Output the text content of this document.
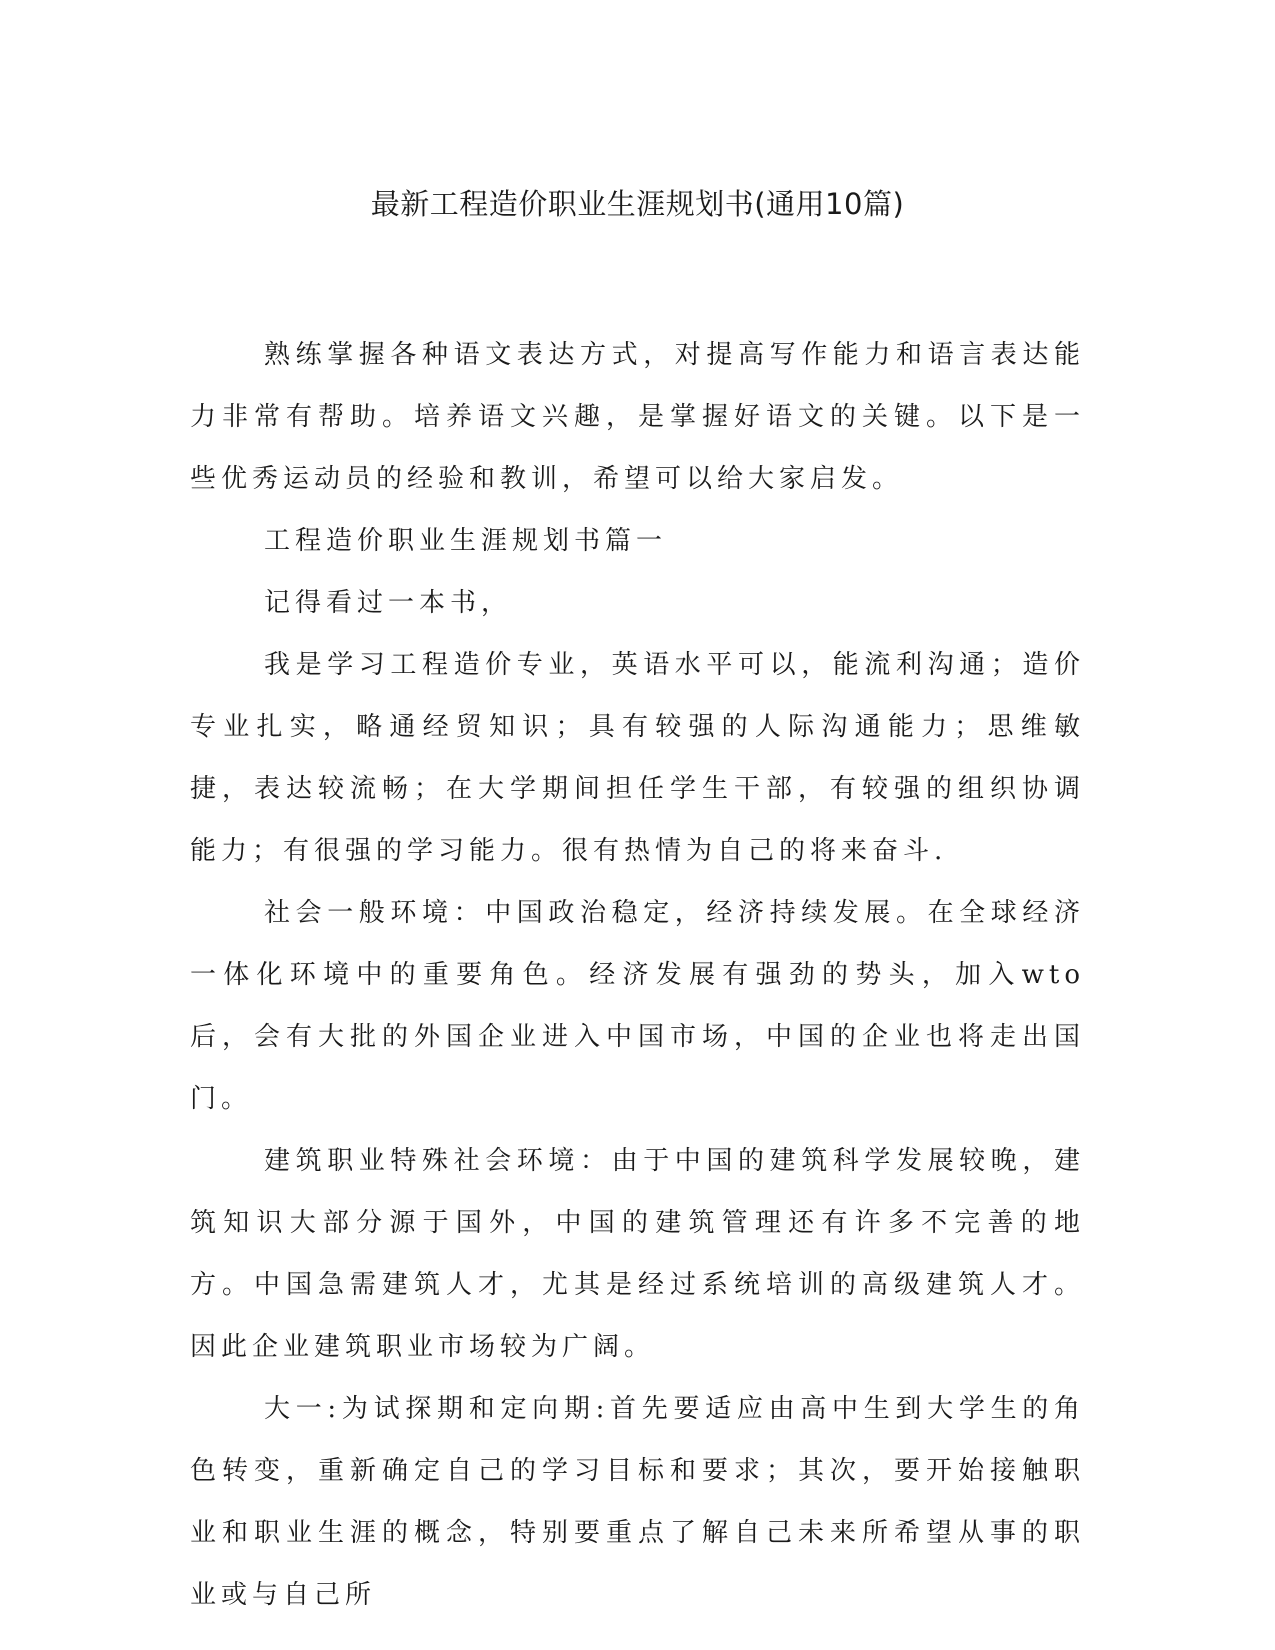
最新工程造价职业生涯规划书(通用10篇)

熟练掌握各种语文表达方式，对提高写作能力和语言表达能力非常有帮助。培养语文兴趣，是掌握好语文的关键。以下是一些优秀运动员的经验和教训，希望可以给大家启发。

工程造价职业生涯规划书篇一

记得看过一本书，

我是学习工程造价专业，英语水平可以，能流利沟通；造价专业扎实，略通经贸知识；具有较强的人际沟通能力；思维敏捷，表达较流畅；在大学期间担任学生干部，有较强的组织协调能力；有很强的学习能力。很有热情为自己的将来奋斗.

社会一般环境：中国政治稳定，经济持续发展。在全球经济一体化环境中的重要角色。经济发展有强劲的势头，加入wto后，会有大批的外国企业进入中国市场，中国的企业也将走出国门。

建筑职业特殊社会环境：由于中国的建筑科学发展较晚，建筑知识大部分源于国外，中国的建筑管理还有许多不完善的地方。中国急需建筑人才，尤其是经过系统培训的高级建筑人才。因此企业建筑职业市场较为广阔。

大一:为试探期和定向期:首先要适应由高中生到大学生的角色转变，重新确定自己的学习目标和要求；其次，要开始接触职业和职业生涯的概念，特别要重点了解自己未来所希望从事的职业或与自己所
